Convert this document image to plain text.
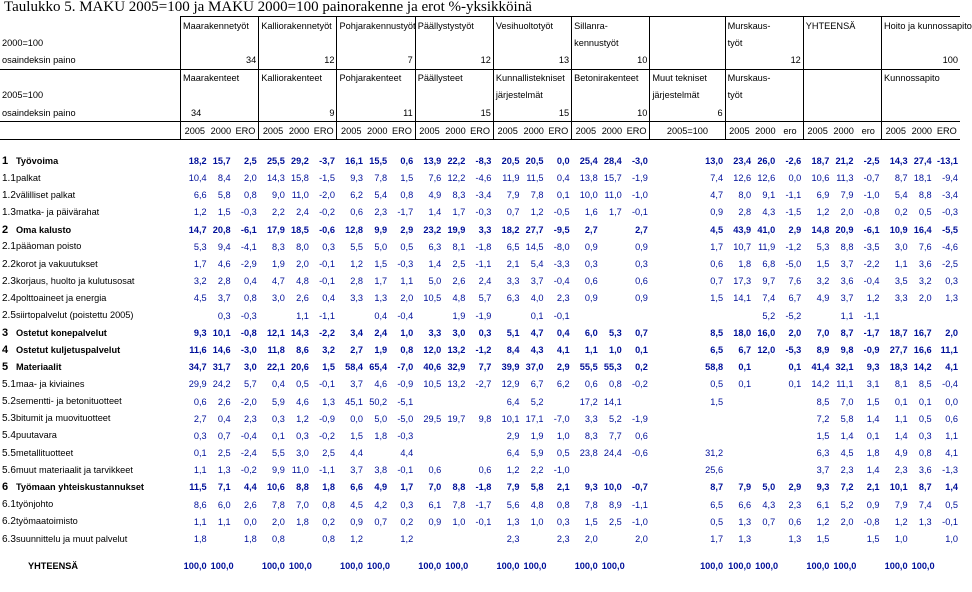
Taulukko 5. MAKU 2005=100 ja MAKU 2000=100 painorakenne ja erot %-yksikköinä
	Maarakennetyöt			Kalliorakennetyöt			Pohjarakennustyöt			Päällystystyöt			Vesihuoltotyöt			Sillanra-				Murskaus-			YHTEENSÄ			Hoito ja kunnossapito		
2000=100																kennustyöt				työt								
osaindeksin paino	34			12			7			12			13			10				12						100		
	Maarakenteet			Kalliorakenteet			Pohjarakenteet			Päällysteet			Kunnallistekniset			Betonirakenteet			Muut tekniset	Murskaus-						Kunnossapito		
2005=100													järjestelmät						järjestelmät	työt								
osaindeksin paino	34			9			11			15			15			10			6									
	2005	2000	ERO	2005	2000	ERO	2005	2000	ERO	2005	2000	ERO	2005	2000	ERO	2005	2000	ERO	2005=100	2005	2000	ero	2005	2000	ero	2005	2000	ERO

1 Työvoima	18,2	15,7	2,5	25,5	29,2	-3,7	16,1	15,5	0,6	13,9	22,2	-8,3	20,5	20,5	0,0	25,4	28,4	-3,0	13,0	23,4	26,0	-2,6	18,7	21,2	-2,5	14,3	27,4	-13,1
1.1palkat	10,4	8,4	2,0	14,3	15,8	-1,5	9,3	7,8	1,5	7,6	12,2	-4,6	11,9	11,5	0,4	13,8	15,7	-1,9	7,4	12,6	12,6	0,0	10,6	11,3	-0,7	8,7	18,1	-9,4
1.2välilliset palkat	6,6	5,8	0,8	9,0	11,0	-2,0	6,2	5,4	0,8	4,9	8,3	-3,4	7,9	7,8	0,1	10,0	11,0	-1,0	4,7	8,0	9,1	-1,1	6,9	7,9	-1,0	5,4	8,8	-3,4
1.3matka- ja päivärahat	1,2	1,5	-0,3	2,2	2,4	-0,2	0,6	2,3	-1,7	1,4	1,7	-0,3	0,7	1,2	-0,5	1,6	1,7	-0,1	0,9	2,8	4,3	-1,5	1,2	2,0	-0,8	0,2	0,5	-0,3
2 Oma kalusto	14,7	20,8	-6,1	17,9	18,5	-0,6	12,8	9,9	2,9	23,2	19,9	3,3	18,2	27,7	-9,5	2,7		2,7	4,5	43,9	41,0	2,9	14,8	20,9	-6,1	10,9	16,4	-5,5
2.1pääoman poisto	5,3	9,4	-4,1	8,3	8,0	0,3	5,5	5,0	0,5	6,3	8,1	-1,8	6,5	14,5	-8,0	0,9		0,9	1,7	10,7	11,9	-1,2	5,3	8,8	-3,5	3,0	7,6	-4,6
2.2korot ja vakuutukset	1,7	4,6	-2,9	1,9	2,0	-0,1	1,2	1,5	-0,3	1,4	2,5	-1,1	2,1	5,4	-3,3	0,3		0,3	0,6	1,8	6,8	-5,0	1,5	3,7	-2,2	1,1	3,6	-2,5
2.3korjaus, huolto ja kulutusosat	3,2	2,8	0,4	4,7	4,8	-0,1	2,8	1,7	1,1	5,0	2,6	2,4	3,3	3,7	-0,4	0,6		0,6	0,7	17,3	9,7	7,6	3,2	3,6	-0,4	3,5	3,2	0,3
2.4polttoaineet ja energia	4,5	3,7	0,8	3,0	2,6	0,4	3,3	1,3	2,0	10,5	4,8	5,7	6,3	4,0	2,3	0,9		0,9	1,5	14,1	7,4	6,7	4,9	3,7	1,2	3,3	2,0	1,3
2.5siirtopalvelut (poistettu 2005)		0,3	-0,3		1,1	-1,1		0,4	-0,4		1,9	-1,9		0,1	-0,1						5,2	-5,2		1,1	-1,1			
3 Ostetut konepalvelut	9,3	10,1	-0,8	12,1	14,3	-2,2	3,4	2,4	1,0	3,3	3,0	0,3	5,1	4,7	0,4	6,0	5,3	0,7	8,5	18,0	16,0	2,0	7,0	8,7	-1,7	18,7	16,7	2,0
4 Ostetut kuljetuspalvelut	11,6	14,6	-3,0	11,8	8,6	3,2	2,7	1,9	0,8	12,0	13,2	-1,2	8,4	4,3	4,1	1,1	1,0	0,1	6,5	6,7	12,0	-5,3	8,9	9,8	-0,9	27,7	16,6	11,1
5 Materiaalit	34,7	31,7	3,0	22,1	20,6	1,5	58,4	65,4	-7,0	40,6	32,9	7,7	39,9	37,0	2,9	55,5	55,3	0,2	58,8	0,1		0,1	41,4	32,1	9,3	18,3	14,2	4,1
5.1maa- ja kiviaines	29,9	24,2	5,7	0,4	0,5	-0,1	3,7	4,6	-0,9	10,5	13,2	-2,7	12,9	6,7	6,2	0,6	0,8	-0,2	0,5	0,1		0,1	14,2	11,1	3,1	8,1	8,5	-0,4
5.2sementti- ja betonituotteet	0,6	2,6	-2,0	5,9	4,6	1,3	45,1	50,2	-5,1				6,4	5,2		17,2	14,1		1,5				8,5	7,0	1,5	0,1	0,1	0,0
5.3bitumit ja muovituotteet	2,7	0,4	2,3	0,3	1,2	-0,9	0,0	5,0	-5,0	29,5	19,7	9,8	10,1	17,1	-7,0	3,3	5,2	-1,9					7,2	5,8	1,4	1,1	0,5	0,6
5.4puutavara	0,3	0,7	-0,4	0,1	0,3	-0,2	1,5	1,8	-0,3				2,9	1,9	1,0	8,3	7,7	0,6					1,5	1,4	0,1	1,4	0,3	1,1
5.5metallituotteet	0,1	2,5	-2,4	5,5	3,0	2,5	4,4		4,4				6,4	5,9	0,5	23,8	24,4	-0,6	31,2				6,3	4,5	1,8	4,9	0,8	4,1
5.6muut materiaalit ja tarvikkeet	1,1	1,3	-0,2	9,9	11,0	-1,1	3,7	3,8	-0,1	0,6		0,6	1,2	2,2	-1,0				25,6				3,7	2,3	1,4	2,3	3,6	-1,3
6 Työmaan yhteiskustannukset	11,5	7,1	4,4	10,6	8,8	1,8	6,6	4,9	1,7	7,0	8,8	-1,8	7,9	5,8	2,1	9,3	10,0	-0,7	8,7	7,9	5,0	2,9	9,3	7,2	2,1	10,1	8,7	1,4
6.1työnjohto	8,6	6,0	2,6	7,8	7,0	0,8	4,5	4,2	0,3	6,1	7,8	-1,7	5,6	4,8	0,8	7,8	8,9	-1,1	6,5	6,6	4,3	2,3	6,1	5,2	0,9	7,9	7,4	0,5
6.2työmaatoimisto	1,1	1,1	0,0	2,0	1,8	0,2	0,9	0,7	0,2	0,9	1,0	-0,1	1,3	1,0	0,3	1,5	2,5	-1,0	0,5	1,3	0,7	0,6	1,2	2,0	-0,8	1,2	1,3	-0,1
6.3suunnittelu ja muut palvelut	1,8		1,8	0,8		0,8	1,2		1,2				2,3		2,3	2,0		2,0	1,7	1,3		1,3	1,5		1,5	1,0		1,0

YHTEENSÄ	100,0	100,0		100,0	100,0		100,0	100,0		100,0	100,0		100,0	100,0		100,0	100,0		100,0	100,0	100,0		100,0	100,0		100,0	100,0	
